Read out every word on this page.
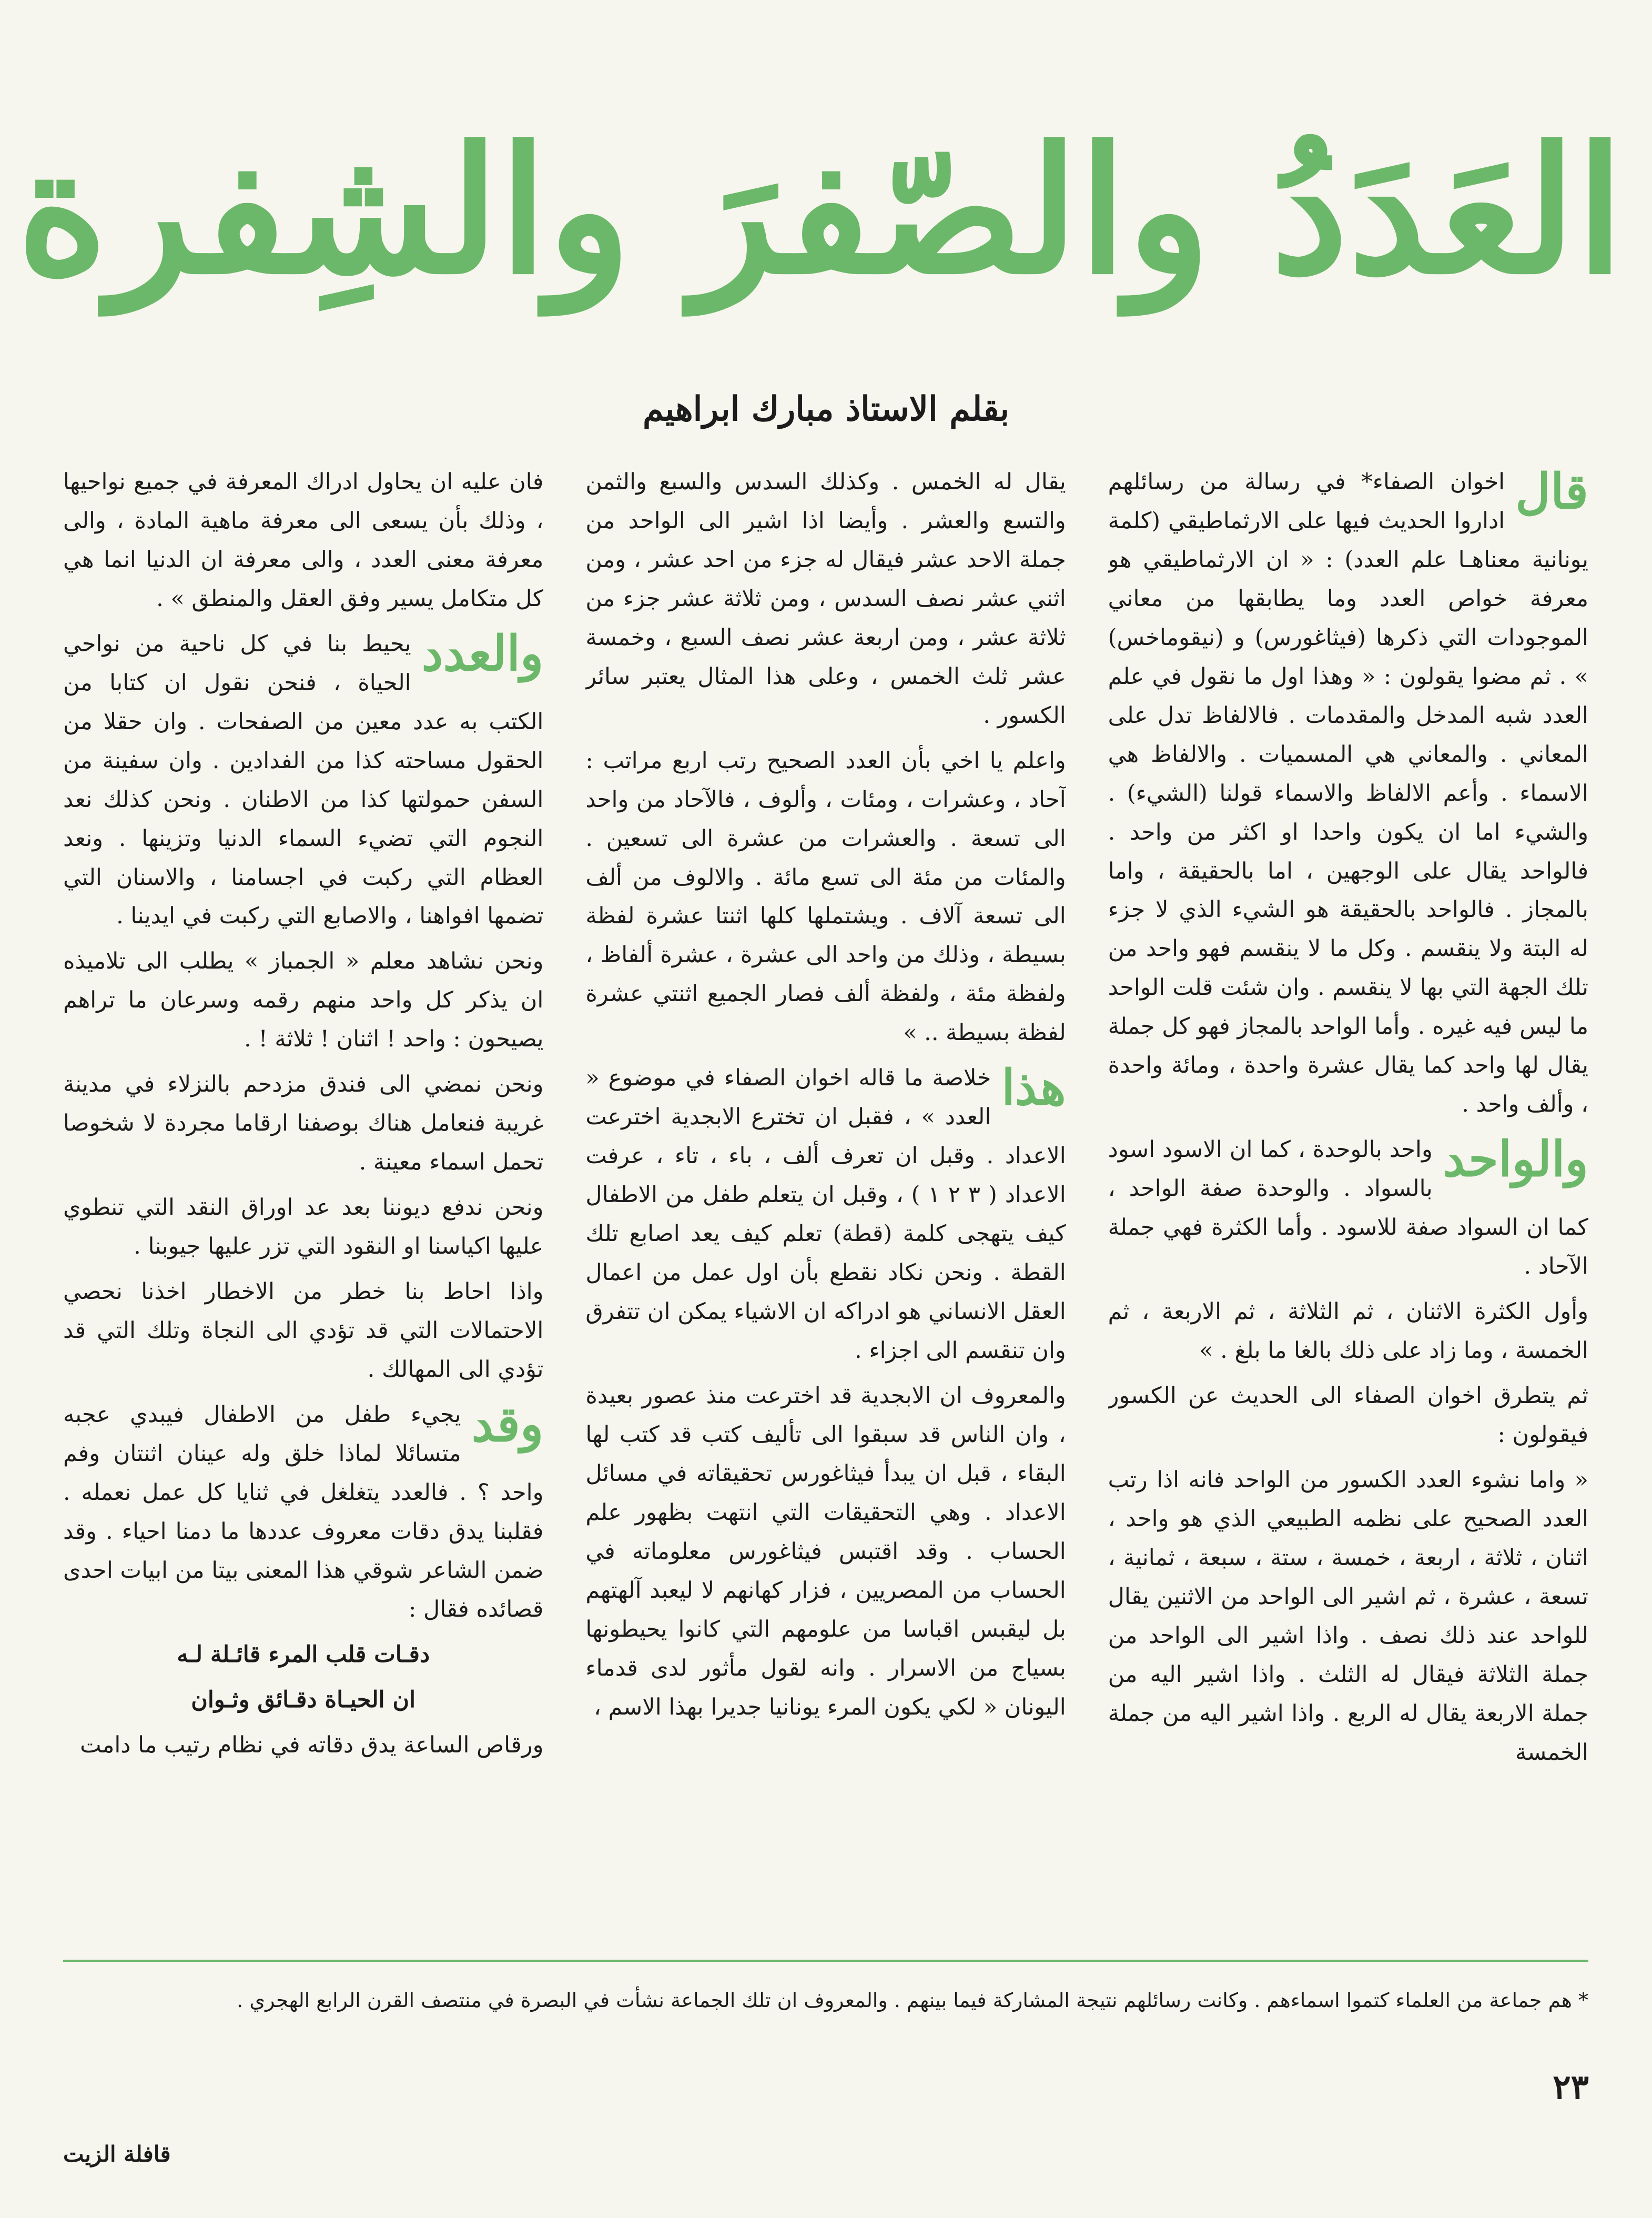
العَدَدُ والصّفرَ والشِفرة
بقلم الاستاذ مبارك ابراهيم
قال

اخوان الصفاء* في رسالة من رسائلهم اداروا الحديث فيها على الارثماطيقي (كلمة يونانية معناهـا علم العدد) : « ان الارثماطيقي هو معرفة خواص العدد وما يطابقها من معاني الموجودات التي ذكرها (فيثاغورس) و (نيقوماخس) » . ثم مضوا يقولون : « وهذا اول ما نقول في علم العدد شبه المدخل والمقدمات . فالالفاظ تدل على المعاني . والمعاني هي المسميات . والالفاظ هي الاسماء . وأعم الالفاظ والاسماء قولنا (الشيء) . والشيء اما ان يكون واحدا او اكثر من واحد . فالواحد يقال على الوجهين ، اما بالحقيقة ، واما بالمجاز . فالواحد بالحقيقة هو الشيء الذي لا جزء له البتة ولا ينقسم . وكل ما لا ينقسم فهو واحد من تلك الجهة التي بها لا ينقسم . وان شئت قلت الواحد ما ليس فيه غيره . وأما الواحد بالمجاز فهو كل جملة يقال لها واحد كما يقال عشرة واحدة ، ومائة واحدة ، وألف واحد .

والواحد
واحد بالوحدة ، كما ان الاسود اسود بالسواد . والوحدة صفة الواحد ، كما ان السواد صفة للاسود . وأما الكثرة فهي جملة الآحاد .

وأول الكثرة الاثنان ، ثم الثلاثة ، ثم الاربعة ، ثم الخمسة ، وما زاد على ذلك بالغا ما بلغ . »

ثم يتطرق اخوان الصفاء الى الحديث عن الكسور فيقولون :

« واما نشوء العدد الكسور من الواحد فانه اذا رتب العدد الصحيح على نظمه الطبيعي الذي هو واحد ، اثنان ، ثلاثة ، اربعة ، خمسة ، ستة ، سبعة ، ثمانية ، تسعة ، عشرة ، ثم اشير الى الواحد من الاثنين يقال للواحد عند ذلك نصف . واذا اشير الى الواحد من جملة الثلاثة فيقال له الثلث . واذا اشير اليه من جملة الاربعة يقال له الربع . واذا اشير اليه من جملة الخمسة

يقال له الخمس . وكذلك السدس والسبع والثمن والتسع والعشر . وأيضا اذا اشير الى الواحد من جملة الاحد عشر فيقال له جزء من احد عشر ، ومن اثني عشر نصف السدس ، ومن ثلاثة عشر جزء من ثلاثة عشر ، ومن اربعة عشر نصف السبع ، وخمسة عشر ثلث الخمس ، وعلى هذا المثال يعتبر سائر الكسور .

واعلم يا اخي بأن العدد الصحيح رتب اربع مراتب : آحاد ، وعشرات ، ومئات ، وألوف ، فالآحاد من واحد الى تسعة . والعشرات من عشرة الى تسعين . والمئات من مئة الى تسع مائة . والالوف من ألف الى تسعة آلاف . ويشتملها كلها اثنتا عشرة لفظة بسيطة ، وذلك من واحد الى عشرة ، عشرة ألفاظ ، ولفظة مئة ، ولفظة ألف فصار الجميع اثنتي عشرة لفظة بسيطة .. »

هذا
خلاصة ما قاله اخوان الصفاء في موضوع « العدد » ، فقبل ان تخترع الابجدية اخترعت الاعداد . وقبل ان تعرف ألف ، باء ، تاء ، عرفت الاعداد ( ٣ ٢ ١ ) ، وقبل ان يتعلم طفل من الاطفال كيف يتهجى كلمة (قطة) تعلم كيف يعد اصابع تلك القطة . ونحن نكاد نقطع بأن اول عمل من اعمال العقل الانساني هو ادراكه ان الاشياء يمكن ان تتفرق وان تنقسم الى اجزاء .

والمعروف ان الابجدية قد اخترعت منذ عصور بعيدة ، وان الناس قد سبقوا الى تأليف كتب قد كتب لها البقاء ، قبل ان يبدأ فيثاغورس تحقيقاته في مسائل الاعداد . وهي التحقيقات التي انتهت بظهور علم الحساب . وقد اقتبس فيثاغورس معلوماته في الحساب من المصريين ، فزار كهانهم لا ليعبد آلهتهم بل ليقبس اقباسا من علومهم التي كانوا يحيطونها بسياج من الاسرار . وانه لقول مأثور لدى قدماء اليونان « لكي يكون المرء يونانيا جديرا بهذا الاسم ،

فان عليه ان يحاول ادراك المعرفة في جميع نواحيها ، وذلك بأن يسعى الى معرفة ماهية المادة ، والى معرفة معنى العدد ، والى معرفة ان الدنيا انما هي كل متكامل يسير وفق العقل والمنطق » .

والعدد
يحيط بنا في كل ناحية من نواحي الحياة ، فنحن نقول ان كتابا من الكتب به عدد معين من الصفحات . وان حقلا من الحقول مساحته كذا من الفدادين . وان سفينة من السفن حمولتها كذا من الاطنان . ونحن كذلك نعد النجوم التي تضيء السماء الدنيا وتزينها . ونعد العظام التي ركبت في اجسامنا ، والاسنان التي تضمها افواهنا ، والاصابع التي ركبت في ايدينا .

ونحن نشاهد معلم « الجمباز » يطلب الى تلاميذه ان يذكر كل واحد منهم رقمه وسرعان ما تراهم يصيحون : واحد ! اثنان ! ثلاثة ! .

ونحن نمضي الى فندق مزدحم بالنزلاء في مدينة غريبة فنعامل هناك بوصفنا ارقاما مجردة لا شخوصا تحمل اسماء معينة .

ونحن ندفع ديوننا بعد عد اوراق النقد التي تنطوي عليها اكياسنا او النقود التي تزر عليها جيوبنا .

واذا احاط بنا خطر من الاخطار اخذنا نحصي الاحتمالات التي قد تؤدي الى النجاة وتلك التي قد تؤدي الى المهالك .

وقد
يجيء طفل من الاطفال فيبدي عجبه متسائلا لماذا خلق وله عينان اثنتان وفم واحد ؟ . فالعدد يتغلغل في ثنايا كل عمل نعمله . فقلبنا يدق دقات معروف عددها ما دمنا احياء . وقد ضمن الشاعر شوقي هذا المعنى بيتا من ابيات احدى قصائده فقال :

دقـات قلب المرء قائـلة لـه

ان الحيـاة دقـائق وثـوان

ورقاص الساعة يدق دقاته في نظام رتيب ما دامت

* هم جماعة من العلماء كتموا اسماءهم . وكانت رسائلهم نتيجة المشاركة فيما بينهم . والمعروف ان تلك الجماعة نشأت في البصرة في منتصف القرن الرابع الهجري .
٢٣
قافلة الزيت
